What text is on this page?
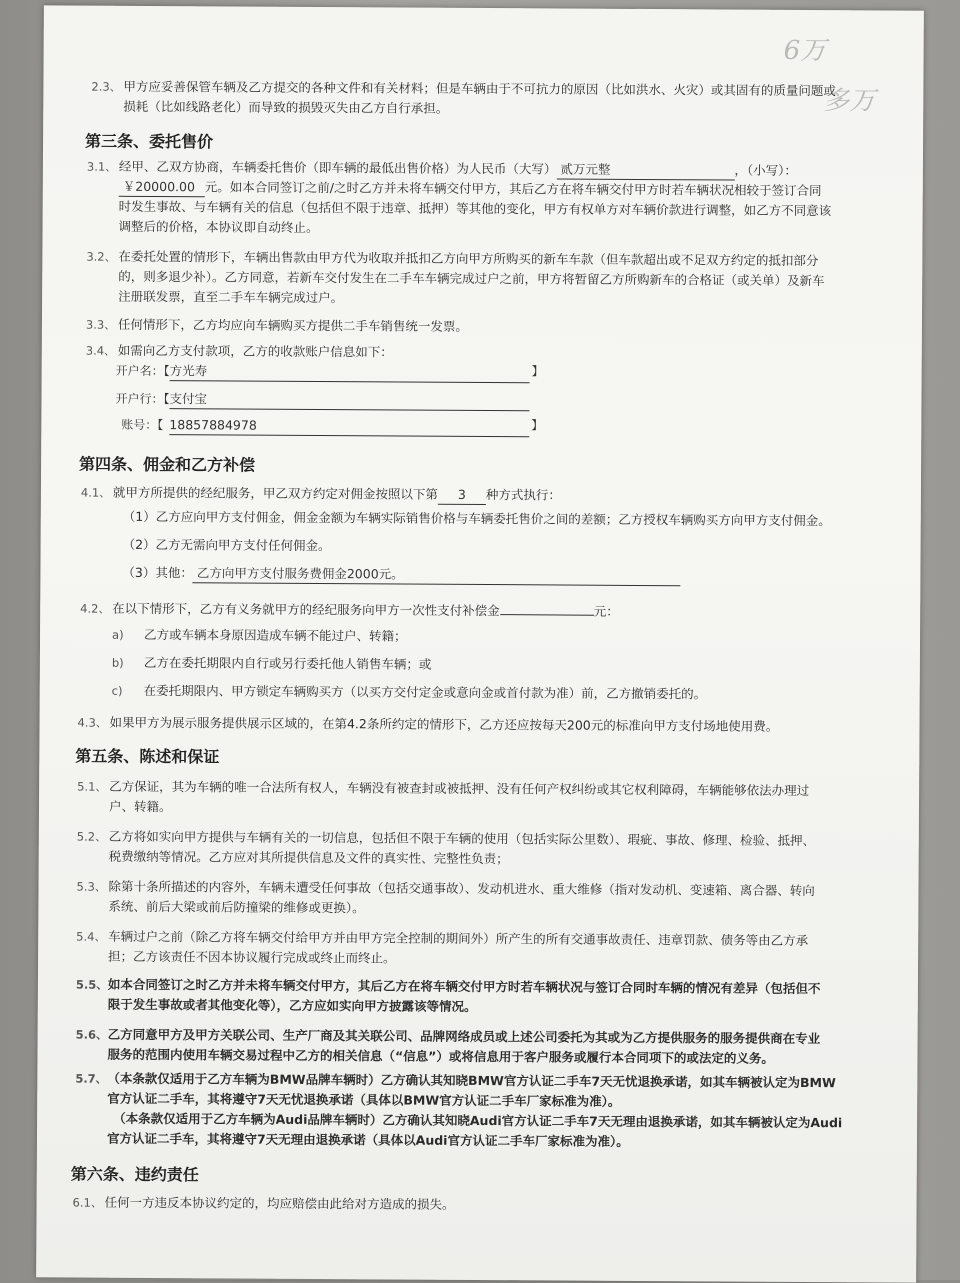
6万
多万
2.3、 甲方应妥善保管车辆及乙方提交的各种文件和有关材料；但是车辆由于不可抗力的原因（比如洪水、火灾）或其固有的质量问题或
损耗（比如线路老化）而导致的损毁灭失由乙方自行承担。
第三条、委托售价
3.1、 经甲、乙双方协商，车辆委托售价（即车辆的最低出售价格）为人民币（大写） 贰万元整	，（小写）：
￥20000.00 元。如本合同签订之前/之时乙方并未将车辆交付甲方，其后乙方在将车辆交付甲方时若车辆状况相较于签订合同
时发生事故、与车辆有关的信息（包括但不限于违章、抵押）等其他的变化，甲方有权单方对车辆价款进行调整，如乙方不同意该
调整后的价格，本协议即自动终止。
3.2、 在委托处置的情形下，车辆出售款由甲方代为收取并抵扣乙方向甲方所购买的新车车款（但车款超出或不足双方约定的抵扣部分
的，则多退少补）。乙方同意，若新车交付发生在二手车车辆完成过户之前，甲方将暂留乙方所购新车的合格证（或关单）及新车
注册联发票，直至二手车车辆完成过户。
3.3、 任何情形下，乙方均应向车辆购买方提供二手车销售统一发票。
3.4、 如需向乙方支付款项，乙方的收款账户信息如下：
开户名：【 方光寿	】
开户行：【 支付宝
账号：【 18857884978	】
第四条、佣金和乙方补偿
4.1、 就甲方所提供的经纪服务，甲乙双方约定对佣金按照以下第 3 种方式执行：
（1）乙方应向甲方支付佣金，佣金金额为车辆实际销售价格与车辆委托售价之间的差额；乙方授权车辆购买方向甲方支付佣金。
（2）乙方无需向甲方支付任何佣金。
（3）其他： 乙方向甲方支付服务费佣金2000元。
4.2、 在以下情形下，乙方有义务就甲方的经纪服务向甲方一次性支付补偿金	元：
a) 乙方或车辆本身原因造成车辆不能过户、转籍；
b) 乙方在委托期限内自行或另行委托他人销售车辆；或
c) 在委托期限内、甲方锁定车辆购买方（以买方交付定金或意向金或首付款为准）前，乙方撤销委托的。
4.3、 如果甲方为展示服务提供展示区域的，在第4.2条所约定的情形下，乙方还应按每天200元的标准向甲方支付场地使用费。
第五条、陈述和保证
5.1、 乙方保证，其为车辆的唯一合法所有权人，车辆没有被查封或被抵押、没有任何产权纠纷或其它权利障碍，车辆能够依法办理过
户、转籍。
5.2、 乙方将如实向甲方提供与车辆有关的一切信息，包括但不限于车辆的使用（包括实际公里数）、瑕疵、事故、修理、检验、抵押、
税费缴纳等情况。乙方应对其所提供信息及文件的真实性、完整性负责；
5.3、 除第十条所描述的内容外，车辆未遭受任何事故（包括交通事故）、发动机进水、重大维修（指对发动机、变速箱、离合器、转向
系统、前后大梁或前后防撞梁的维修或更换）。
5.4、 车辆过户之前（除乙方将车辆交付给甲方并由甲方完全控制的期间外）所产生的所有交通事故责任、违章罚款、债务等由乙方承
担；乙方该责任不因本协议履行完成或终止而终止。
5.5、 如本合同签订之时乙方并未将车辆交付甲方，其后乙方在将车辆交付甲方时若车辆状况与签订合同时车辆的情况有差异（包括但不
限于发生事故或者其他变化等），乙方应如实向甲方披露该等情况。
5.6、 乙方同意甲方及甲方关联公司、生产厂商及其关联公司、品牌网络成员或上述公司委托为其或为乙方提供服务的服务提供商在专业
服务的范围内使用车辆交易过程中乙方的相关信息（“信息”）或将信息用于客户服务或履行本合同项下的或法定的义务。
5.7、 （本条款仅适用于乙方车辆为BMW品牌车辆时）乙方确认其知晓BMW官方认证二手车7天无忧退换承诺，如其车辆被认定为BMW
官方认证二手车，其将遵守7天无忧退换承诺（具体以BMW官方认证二手车厂家标准为准）。
（本条款仅适用于乙方车辆为Audi品牌车辆时）乙方确认其知晓Audi官方认证二手车7天无理由退换承诺，如其车辆被认定为Audi
官方认证二手车，其将遵守7天无理由退换承诺（具体以Audi官方认证二手车厂家标准为准）。
第六条、违约责任
6.1、 任何一方违反本协议约定的，均应赔偿由此给对方造成的损失。
